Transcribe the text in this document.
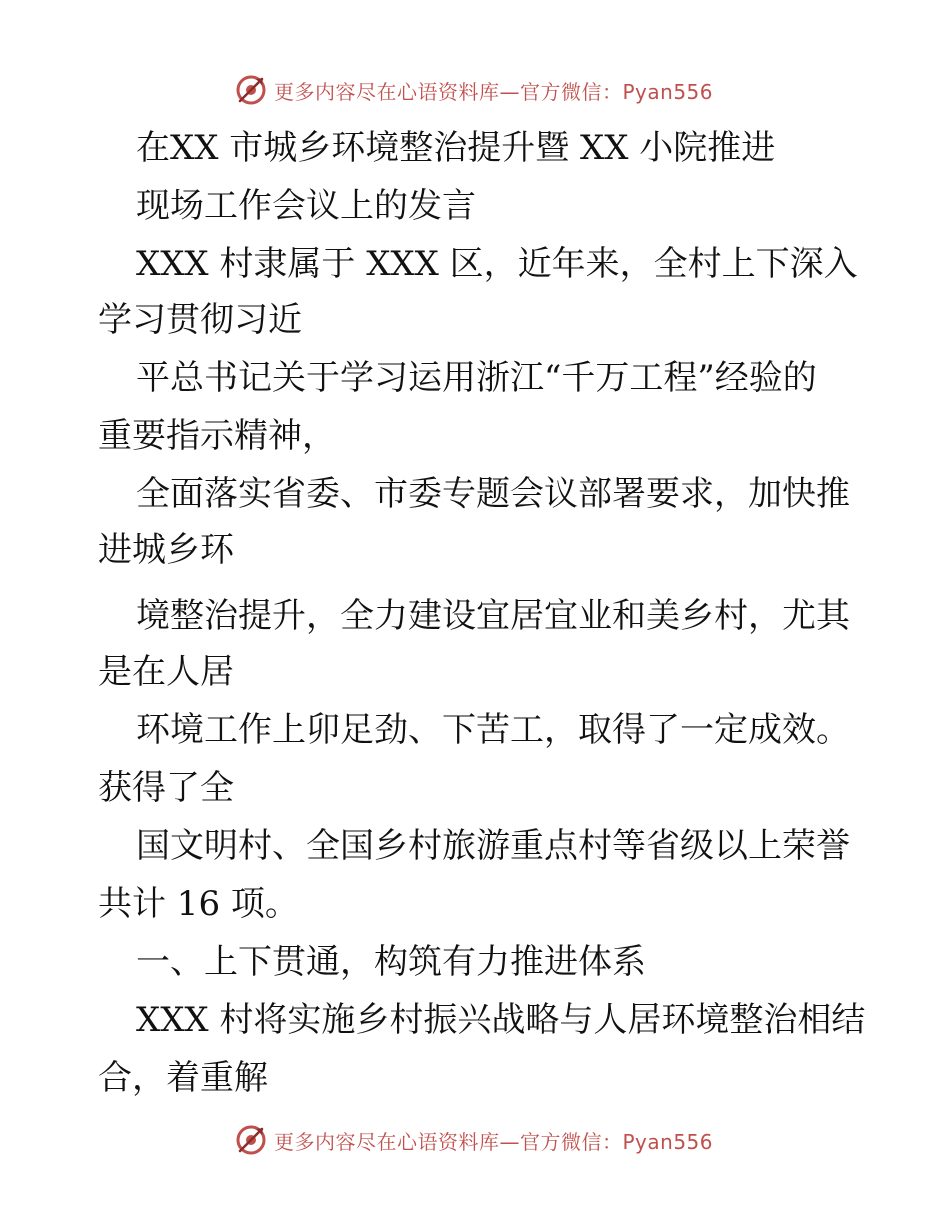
更多内容尽在心语资料库—官方微信：Pyan556
在XX 市城乡环境整治提升暨 XX 小院推进
现场工作会议上的发言
XXX 村隶属于 XXX 区，近年来，全村上下深入
学习贯彻习近
平总书记关于学习运用浙江“千万工程”经验的
重要指示精神，
全面落实省委、市委专题会议部署要求，加快推
进城乡环
境整治提升，全力建设宜居宜业和美乡村，尤其
是在人居
环境工作上卯足劲、下苦工，取得了一定成效。
获得了全
国文明村、全国乡村旅游重点村等省级以上荣誉
共计 16 项。
一、上下贯通，构筑有力推进体系
XXX 村将实施乡村振兴战略与人居环境整治相结
合，着重解
更多内容尽在心语资料库—官方微信：Pyan556
